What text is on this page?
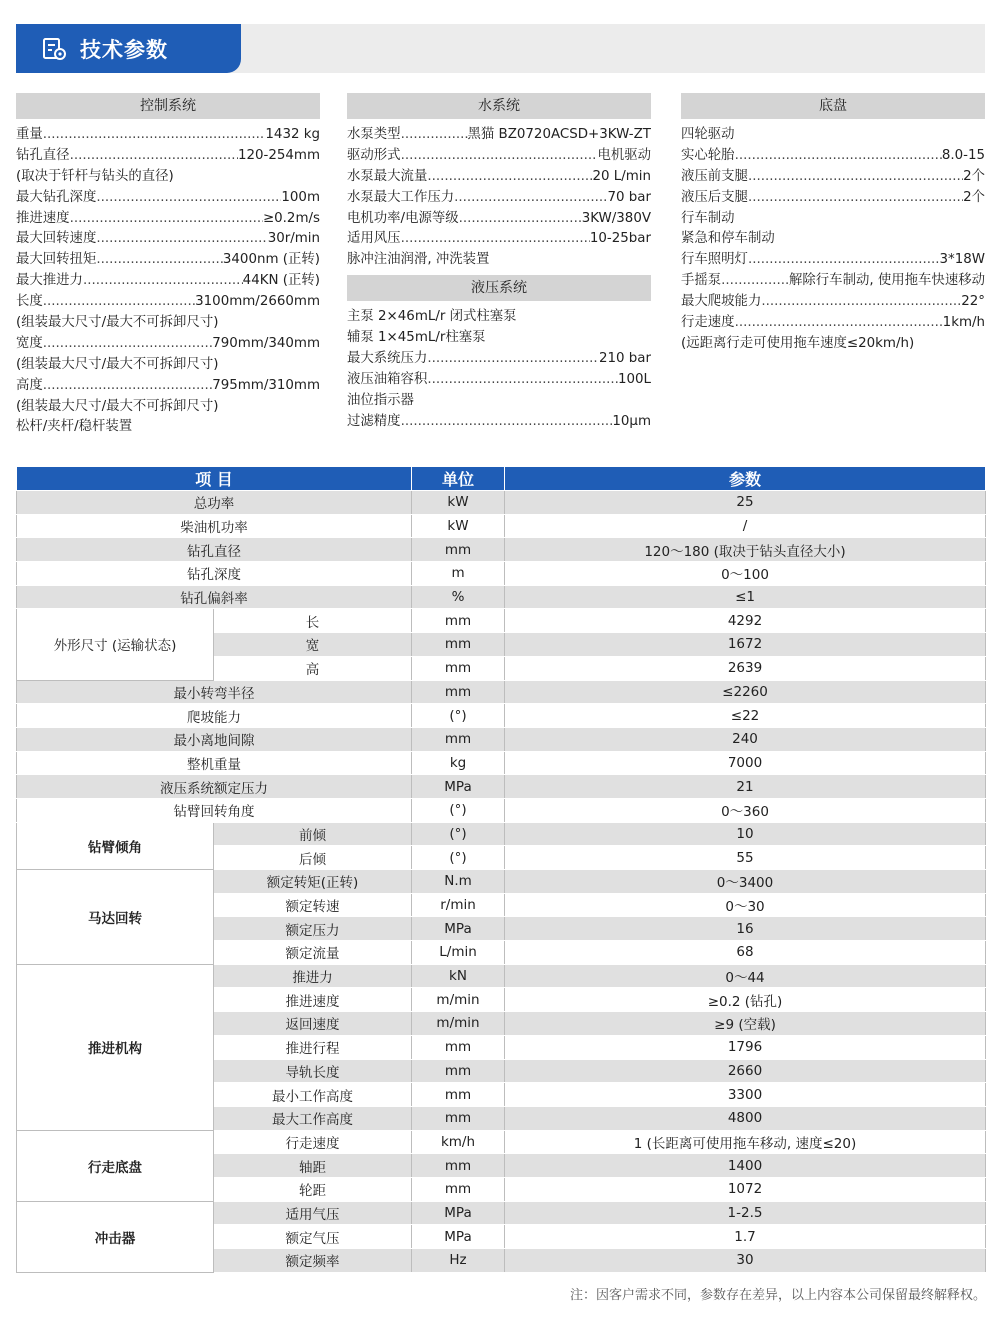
技术参数
控制系统
重量 .....	1432 kg
钻孔直径 .....	120-254mm
(取决于钎杆与钻头的直径)
最大钻孔深度 .....	100m
推进速度 .....	≥0.2m/s
最大回转速度 .....	30r/min
最大回转扭矩 .....	3400nm (正转)
最大推进力 .....	44KN (正转)
长度 .....	3100mm/2660mm
(组装最大尺寸/最大不可拆卸尺寸)
宽度 .....	790mm/340mm
(组装最大尺寸/最大不可拆卸尺寸)
高度 .....	795mm/310mm
(组装最大尺寸/最大不可拆卸尺寸)
松杆/夹杆/稳杆装置
水系统
水泵类型 .....	黑猫 BZ0720ACSD+3KW-ZT
驱动形式 .....	电机驱动
水泵最大流量 .....	20 L/min
水泵最大工作压力 .....	70 bar
电机功率/电源等级 .....	3KW/380V
适用风压 .....	10-25bar
脉冲注油润滑, 冲洗装置
液压系统
主泵 2×46mL/r 闭式柱塞泵
辅泵 1×45mL/r柱塞泵
最大系统压力 .....	210 bar
液压油箱容积 .....	100L
油位指示器
过滤精度 .....	10μm
底盘
四轮驱动
实心轮胎 .....	8.0-15
液压前支腿 .....	2个
液压后支腿 .....	2个
行车制动
紧急和停车制动
行车照明灯 .....	3*18W
手摇泵 .....	解除行车制动, 使用拖车快速移动
最大爬坡能力 .....	22°
行走速度 .....	1km/h
(远距离行走可使用拖车速度≤20km/h)
项 目		单位	参数
总功率		kW	25
柴油机功率		kW	/
钻孔直径		mm	120～180 (取决于钻头直径大小)
钻孔深度		m	0～100
钻孔偏斜率		%	≤1
外形尺寸 (运输状态)	长	mm	4292
	宽	mm	1672
	高	mm	2639
最小转弯半径		mm	≤2260
爬坡能力		(°)	≤22
最小离地间隙		mm	240
整机重量		kg	7000
液压系统额定压力		MPa	21
钻臂回转角度		(°)	0～360
钻臂倾角	前倾	(°)	10
	后倾	(°)	55
马达回转	额定转矩(正转)	N.m	0～3400
	额定转速	r/min	0～30
	额定压力	MPa	16
	额定流量	L/min	68
推进机构	推进力	kN	0～44
	推进速度	m/min	≥0.2 (钻孔)
	返回速度	m/min	≥9 (空载)
	推进行程	mm	1796
	导轨长度	mm	2660
	最小工作高度	mm	3300
	最大工作高度	mm	4800
行走底盘	行走速度	km/h	1 (长距离可使用拖车移动, 速度≤20)
	轴距	mm	1400
	轮距	mm	1072
冲击器	适用气压	MPa	1-2.5
	额定气压	MPa	1.7
	额定频率	Hz	30
注：因客户需求不同，参数存在差异，以上内容本公司保留最终解释权。
